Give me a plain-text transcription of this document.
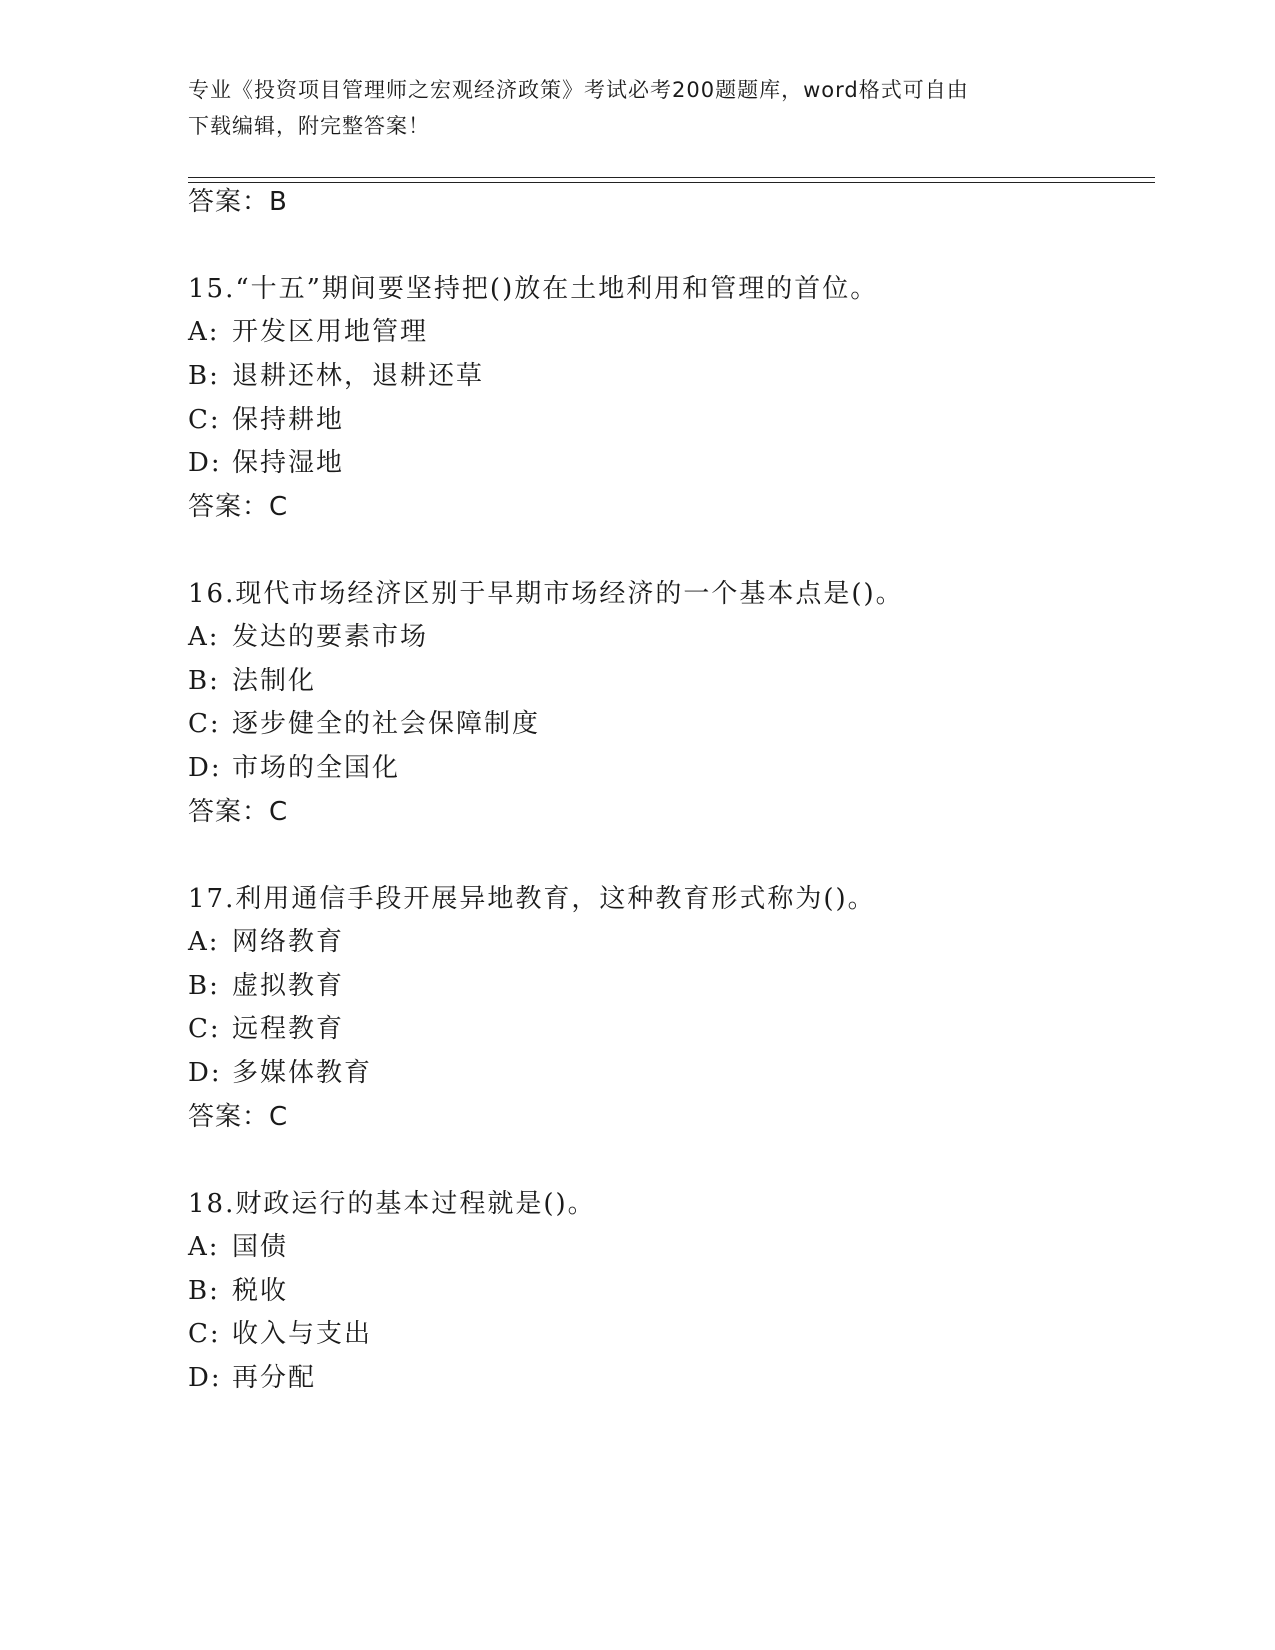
专业《投资项目管理师之宏观经济政策》考试必考200题题库，word格式可自由
下载编辑，附完整答案！
答案：B
15.“十五”期间要坚持把()放在土地利用和管理的首位。
A: 开发区用地管理
B: 退耕还林，退耕还草
C: 保持耕地
D: 保持湿地
答案：C
16.现代市场经济区别于早期市场经济的一个基本点是()。
A: 发达的要素市场
B: 法制化
C: 逐步健全的社会保障制度
D: 市场的全国化
答案：C
17.利用通信手段开展异地教育，这种教育形式称为()。
A: 网络教育
B: 虚拟教育
C: 远程教育
D: 多媒体教育
答案：C
18.财政运行的基本过程就是()。
A: 国债
B: 税收
C: 收入与支出
D: 再分配
